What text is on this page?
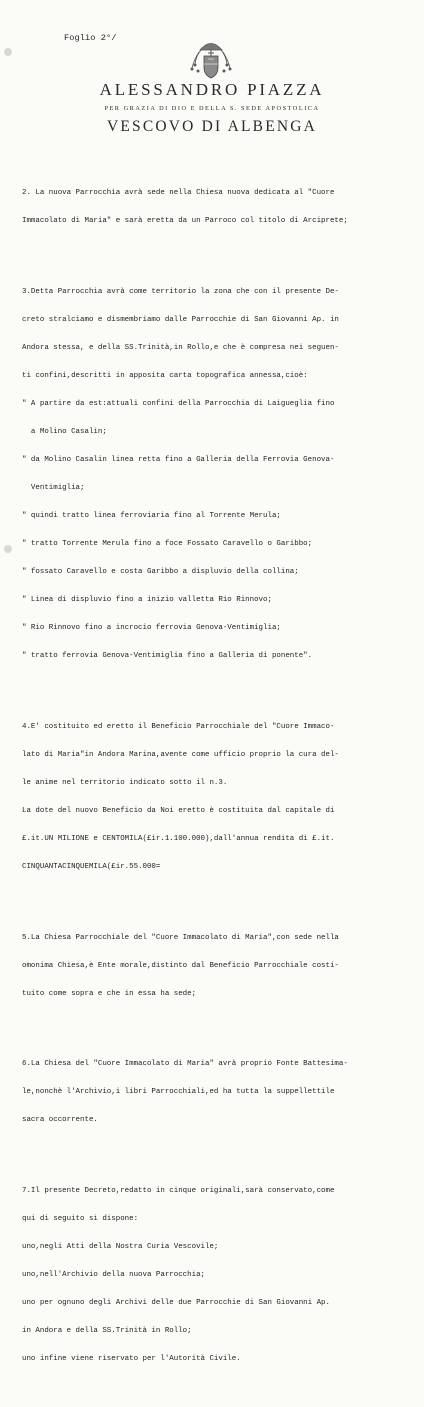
Foglio 2°/
ALESSANDRO PIAZZA
PER GRAZIA DI DIO E DELLA S. SEDE APOSTOLICA
VESCOVO DI ALBENGA

2. La nuova Parrocchia avrà sede nella Chiesa nuova dedicata al "Cuore

Immacolato di Maria" e sarà eretta da un Parroco col titolo di Arciprete;

3.Detta Parrocchia avrà come territorio la zona che con il presente De-

creto stralciamo e dismembriamo dalle Parrocchie di San Giovanni Ap. in

Andora stessa, e della SS.Trinità,in Rollo,e che è compresa nei seguen-

ti confini,descritti in apposita carta topografica annessa,cioè:

" A partire da est:attuali confini della Parrocchia di Laigueglia fino

a Molino Casalin;

" da Molino Casalin linea retta fino a Galleria della Ferrovia Genova-

Ventimiglia;

" quindi tratto linea ferroviaria fino al Torrente Merula;

" tratto Torrente Merula fino a foce Fossato Caravello o Garibbo;

" fossato Caravello e costa Garibbo a displuvio della collina;

" Linea di displuvio fino a inizio valletta Rio Rinnovo;

" Rio Rinnovo fino a incrocio ferrovia Genova-Ventimiglia;

" tratto ferrovia Genova-Ventimiglia fino a Galleria di ponente".

4.E' costituito ed eretto il Beneficio Parrocchiale del "Cuore Immaco-

lato di Maria"in Andora Marina,avente come ufficio proprio la cura del-

le anime nel territorio indicato sotto il n.3.

La dote del nuovo Beneficio da Noi eretto è costituita dal capitale di

£.it.UN MILIONE e CENTOMILA(£ir.1.100.000),dall'annua rendita di £.it.

CINQUANTACINQUEMILA(£ir.55.000=

5.La Chiesa Parrocchiale del "Cuore Immacolato di Maria",con sede nella

omonima Chiesa,è Ente morale,distinto dal Beneficio Parrocchiale costi-

tuito come sopra e che in essa ha sede;

6.La Chiesa del "Cuore Immacolato di Maria" avrà proprio Fonte Battesima-

le,nonchè l'Archivio,i libri Parrocchiali,ed ha tutta la suppellettile

sacra occorrente.

7.Il presente Decreto,redatto in cinque originali,sarà conservato,come

qui di seguito si dispone:

uno,negli Atti della Nostra Curia Vescovile;

uno,nell'Archivio della nuova Parrocchia;

uno per ognuno degli Archivi delle due Parrocchie di San Giovanni Ap.

in Andora e della SS.Trinità in Rollo;

uno infine viene riservato per l'Autorità Civile.
